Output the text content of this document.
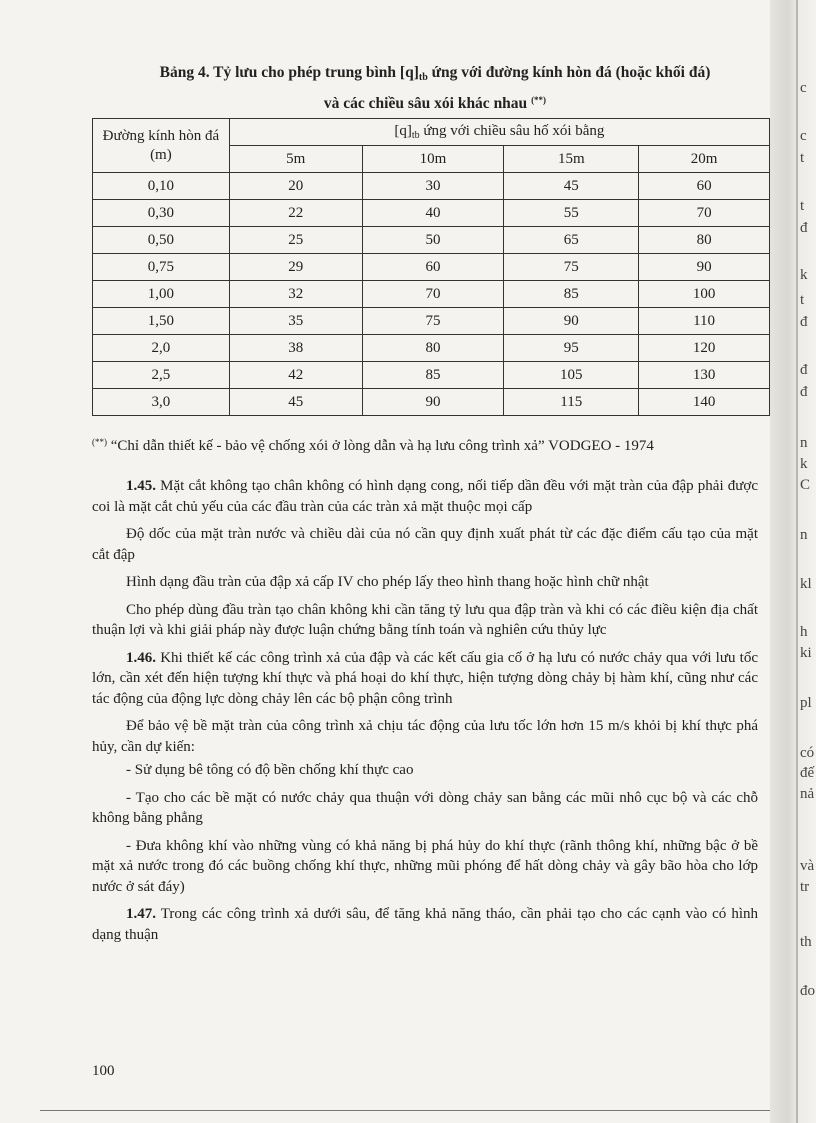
c
c
t
t
đ
k
t
đ
đ
đ
n
k
C
n
kl
h
ki
pl
có
đế
nả
và
tr
th
đo
Bảng 4. Tỷ lưu cho phép trung bình $[q]_{tb}$ ứng với đường kính hòn đá (hoặc khối đá)
và các chiều sâu xói khác nhau (**)
Đường kính hòn đá (m)	$[q]_{tb}$ ứng với chiều sâu hố xói bằng			
	5m	10m	15m	20m
0,10	20	30	45	60
0,30	22	40	55	70
0,50	25	50	65	80
0,75	29	60	75	90
1,00	32	70	85	100
1,50	35	75	90	110
2,0	38	80	95	120
2,5	42	85	105	130
3,0	45	90	115	140
(**) “Chỉ dẫn thiết kế - bảo vệ chống xói ở lòng dẫn và hạ lưu công trình xả” VODGEO - 1974

1.45. Mặt cắt không tạo chân không có hình dạng cong, nối tiếp dần đều với mặt tràn của đập phải được coi là mặt cắt chủ yếu của các đầu tràn của các tràn xả mặt thuộc mọi cấp

Độ dốc của mặt tràn nước và chiều dài của nó cần quy định xuất phát từ các đặc điểm cấu tạo của mặt cắt đập

Hình dạng đầu tràn của đập xả cấp IV cho phép lấy theo hình thang hoặc hình chữ nhật

Cho phép dùng đầu tràn tạo chân không khi cần tăng tỷ lưu qua đập tràn và khi có các điều kiện địa chất thuận lợi và khi giải pháp này được luận chứng bằng tính toán và nghiên cứu thủy lực

1.46. Khi thiết kế các công trình xả của đập và các kết cấu gia cố ở hạ lưu có nước chảy qua với lưu tốc lớn, cần xét đến hiện tượng khí thực và phá hoại do khí thực, hiện tượng dòng chảy bị hàm khí, cũng như các tác động của động lực dòng chảy lên các bộ phận công trình

Để bảo vệ bề mặt tràn của công trình xả chịu tác động của lưu tốc lớn hơn 15 m/s khỏi bị khí thực phá hủy, cần dự kiến:

- Sử dụng bê tông có độ bền chống khí thực cao

- Tạo cho các bề mặt có nước chảy qua thuận với dòng chảy san bằng các mũi nhô cục bộ và các chỗ không bằng phẳng

- Đưa không khí vào những vùng có khả năng bị phá hủy do khí thực (rãnh thông khí, những bậc ở bề mặt xả nước trong đó các buồng chống khí thực, những mũi phóng để hất dòng chảy và gây bão hòa cho lớp nước ở sát đáy)

1.47. Trong các công trình xả dưới sâu, để tăng khả năng tháo, cần phải tạo cho các cạnh vào có hình dạng thuận

100
